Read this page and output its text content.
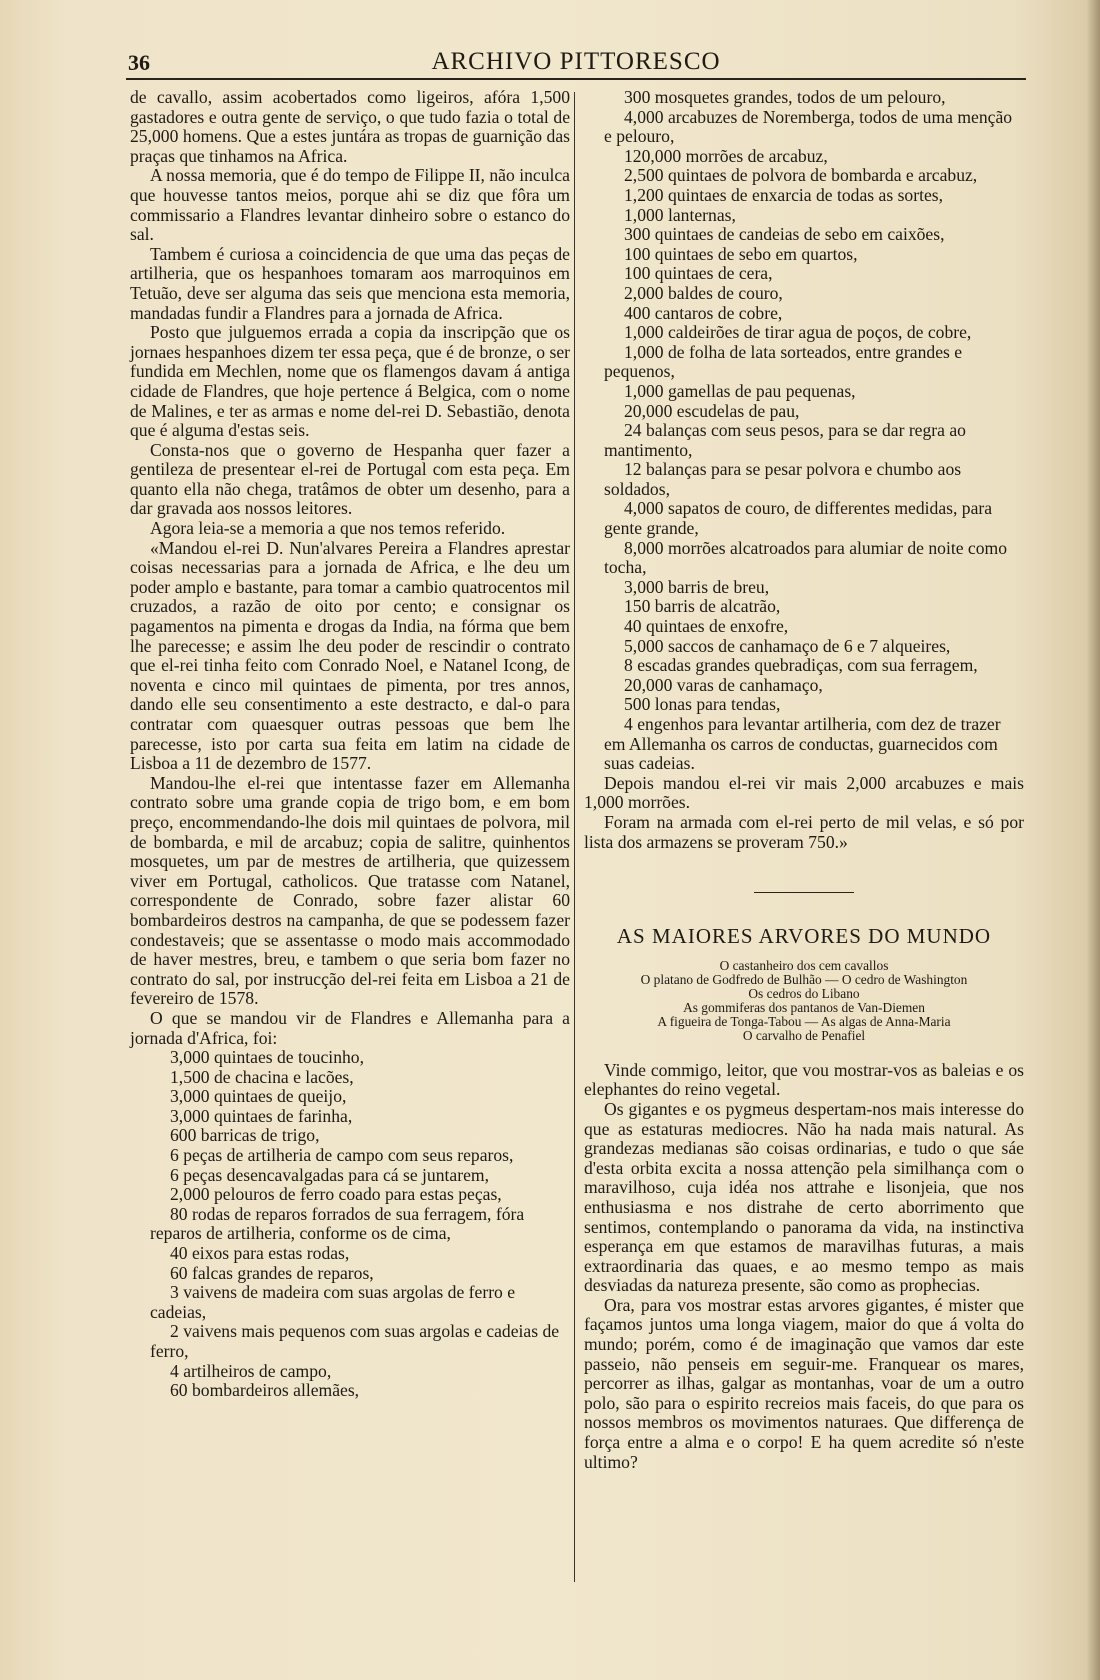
36	ARCHIVO PITTORESCO

de cavallo, assim acobertados como ligeiros, afóra 1,500 gastadores e outra gente de serviço, o que tudo fazia o total de 25,000 homens. Que a estes juntára as tropas de guarnição das praças que tinhamos na Africa.

A nossa memoria, que é do tempo de Filippe II, não inculca que houvesse tantos meios, porque ahi se diz que fôra um commissario a Flandres levantar dinheiro sobre o estanco do sal.

Tambem é curiosa a coincidencia de que uma das peças de artilheria, que os hespanhoes tomaram aos marroquinos em Tetuão, deve ser alguma das seis que menciona esta memoria, mandadas fundir a Flandres para a jornada de Africa.

Posto que julguemos errada a copia da inscripção que os jornaes hespanhoes dizem ter essa peça, que é de bronze, o ser fundida em Mechlen, nome que os flamengos davam á antiga cidade de Flandres, que hoje pertence á Belgica, com o nome de Malines, e ter as armas e nome del-rei D. Sebastião, denota que é alguma d'estas seis.

Consta-nos que o governo de Hespanha quer fazer a gentileza de presentear el-rei de Portugal com esta peça. Em quanto ella não chega, tratâmos de obter um desenho, para a dar gravada aos nossos leitores.

Agora leia-se a memoria a que nos temos referido.

«Mandou el-rei D. Nun'alvares Pereira a Flandres aprestar coisas necessarias para a jornada de Africa, e lhe deu um poder amplo e bastante, para tomar a cambio quatrocentos mil cruzados, a razão de oito por cento; e consignar os pagamentos na pimenta e drogas da India, na fórma que bem lhe parecesse; e assim lhe deu poder de rescindir o contrato que el-rei tinha feito com Conrado Noel, e Natanel Icong, de noventa e cinco mil quintaes de pimenta, por tres annos, dando elle seu consentimento a este destracto, e dal-o para contratar com quaesquer outras pessoas que bem lhe parecesse, isto por carta sua feita em latim na cidade de Lisboa a 11 de dezembro de 1577.

Mandou-lhe el-rei que intentasse fazer em Allemanha contrato sobre uma grande copia de trigo bom, e em bom preço, encommendando-lhe dois mil quintaes de polvora, mil de bombarda, e mil de arcabuz; copia de salitre, quinhentos mosquetes, um par de mestres de artilheria, que quizessem viver em Portugal, catholicos. Que tratasse com Natanel, correspondente de Conrado, sobre fazer alistar 60 bombardeiros destros na campanha, de que se podessem fazer condestaveis; que se assentasse o modo mais accommodado de haver mestres, breu, e tambem o que seria bom fazer no contrato do sal, por instrucção del-rei feita em Lisboa a 21 de fevereiro de 1578.

O que se mandou vir de Flandres e Allemanha para a jornada d'Africa, foi:

3,000 quintaes de toucinho,

1,500 de chacina e lacões,

3,000 quintaes de queijo,

3,000 quintaes de farinha,

600 barricas de trigo,

6 peças de artilheria de campo com seus reparos,

6 peças desencavalgadas para cá se juntarem,

2,000 pelouros de ferro coado para estas peças,

80 rodas de reparos forrados de sua ferragem, fóra reparos de artilheria, conforme os de cima,

40 eixos para estas rodas,

60 falcas grandes de reparos,

3 vaivens de madeira com suas argolas de ferro e cadeias,

2 vaivens mais pequenos com suas argolas e cadeias de ferro,

4 artilheiros de campo,

60 bombardeiros allemães,

300 mosquetes grandes, todos de um pelouro,

4,000 arcabuzes de Noremberga, todos de uma menção e pelouro,

120,000 morrões de arcabuz,

2,500 quintaes de polvora de bombarda e arcabuz,

1,200 quintaes de enxarcia de todas as sortes,

1,000 lanternas,

300 quintaes de candeias de sebo em caixões,

100 quintaes de sebo em quartos,

100 quintaes de cera,

2,000 baldes de couro,

400 cantaros de cobre,

1,000 caldeirões de tirar agua de poços, de cobre,

1,000 de folha de lata sorteados, entre grandes e pequenos,

1,000 gamellas de pau pequenas,

20,000 escudelas de pau,

24 balanças com seus pesos, para se dar regra ao mantimento,

12 balanças para se pesar polvora e chumbo aos soldados,

4,000 sapatos de couro, de differentes medidas, para gente grande,

8,000 morrões alcatroados para alumiar de noite como tocha,

3,000 barris de breu,

150 barris de alcatrão,

40 quintaes de enxofre,

5,000 saccos de canhamaço de 6 e 7 alqueires,

8 escadas grandes quebradiças, com sua ferragem,

20,000 varas de canhamaço,

500 lonas para tendas,

4 engenhos para levantar artilheria, com dez de trazer em Allemanha os carros de conductas, guarnecidos com suas cadeias.

Depois mandou el-rei vir mais 2,000 arcabuzes e mais 1,000 morrões.

Foram na armada com el-rei perto de mil velas, e só por lista dos armazens se proveram 750.»

AS MAIORES ARVORES DO MUNDO
O castanheiro dos cem cavallos
O platano de Godfredo de Bulhão — O cedro de Washington
Os cedros do Libano
As gommiferas dos pantanos de Van-Diemen
A figueira de Tonga-Tabou — As algas de Anna-Maria
O carvalho de Penafiel

Vinde commigo, leitor, que vou mostrar-vos as baleias e os elephantes do reino vegetal.

Os gigantes e os pygmeus despertam-nos mais interesse do que as estaturas mediocres. Não ha nada mais natural. As grandezas medianas são coisas ordinarias, e tudo o que sáe d'esta orbita excita a nossa attenção pela similhança com o maravilhoso, cuja idéa nos attrahe e lisonjeia, que nos enthusiasma e nos distrahe de certo aborrimento que sentimos, contemplando o panorama da vida, na instinctiva esperança em que estamos de maravilhas futuras, a mais extraordinaria das quaes, e ao mesmo tempo as mais desviadas da natureza presente, são como as prophecias.

Ora, para vos mostrar estas arvores gigantes, é mister que façamos juntos uma longa viagem, maior do que á volta do mundo; porém, como é de imaginação que vamos dar este passeio, não penseis em seguir-me. Franquear os mares, percorrer as ilhas, galgar as montanhas, voar de um a outro polo, são para o espirito recreios mais faceis, do que para os nossos membros os movimentos naturaes. Que differença de força entre a alma e o corpo! E ha quem acredite só n'este ultimo?
